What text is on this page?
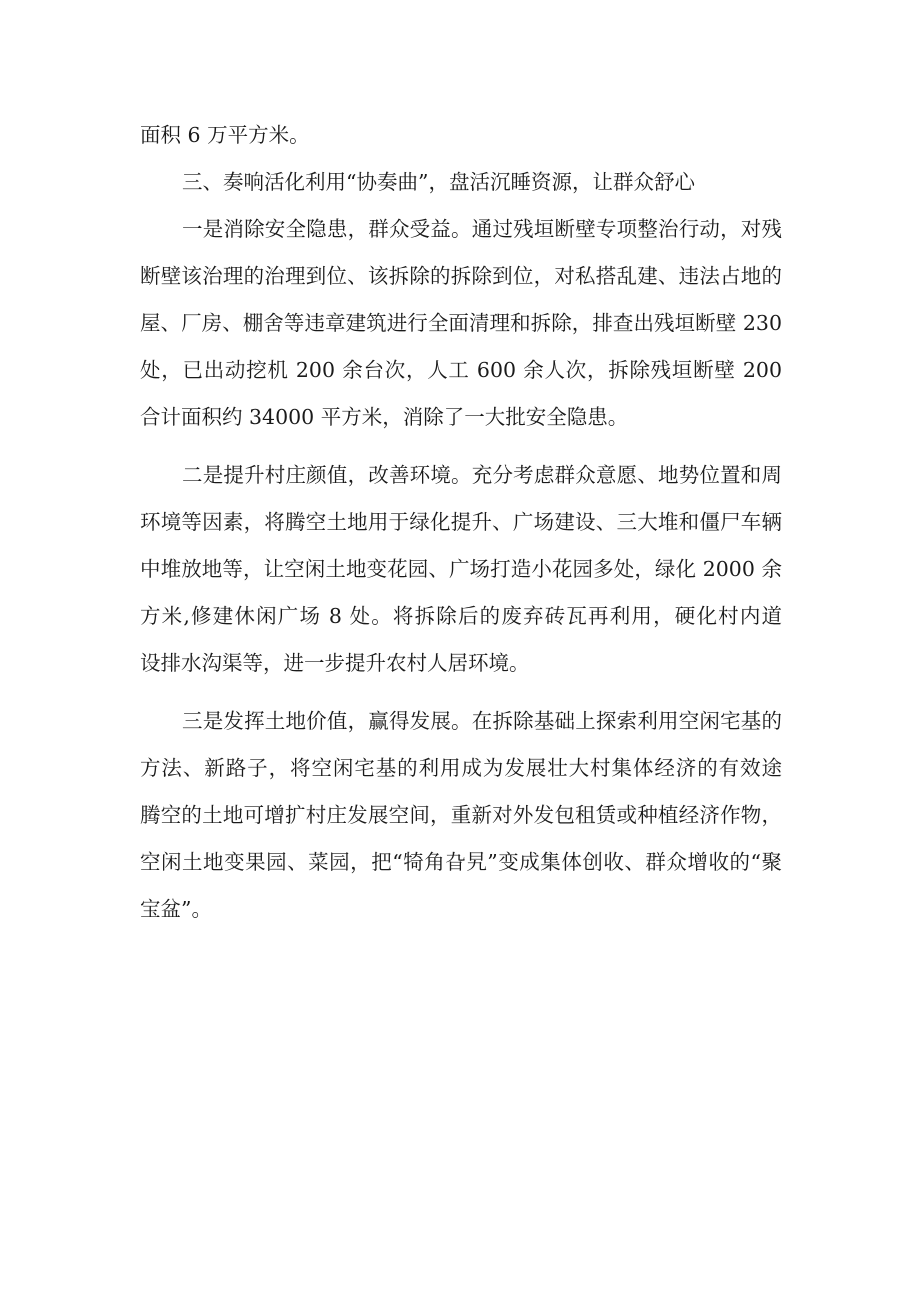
面积 6 万平方米。
三、奏响活化利用“协奏曲”，盘活沉睡资源，让群众舒心
一是消除安全隐患，群众受益。通过残垣断壁专项整治行动，对残
断壁该治理的治理到位、该拆除的拆除到位，对私搭乱建、违法占地的
屋、厂房、棚舍等违章建筑进行全面清理和拆除，排查出残垣断壁 230
处，已出动挖机 200 余台次，人工 600 余人次，拆除残垣断壁 200
合计面积约 34000 平方米，消除了一大批安全隐患。
二是提升村庄颜值，改善环境。充分考虑群众意愿、地势位置和周
环境等因素，将腾空土地用于绿化提升、广场建设、三大堆和僵尸车辆
中堆放地等，让空闲土地变花园、广场打造小花园多处，绿化 2000 余
方米,修建休闲广场 8 处。将拆除后的废弃砖瓦再利用，硬化村内道
设排水沟渠等，进一步提升农村人居环境。
三是发挥土地价值，赢得发展。在拆除基础上探索利用空闲宅基的
方法、新路子，将空闲宅基的利用成为发展壮大村集体经济的有效途
腾空的土地可增扩村庄发展空间，重新对外发包租赁或种植经济作物，
空闲土地变果园、菜园，把“犄角旮旯”变成集体创收、群众增收的“聚
宝盆”。
